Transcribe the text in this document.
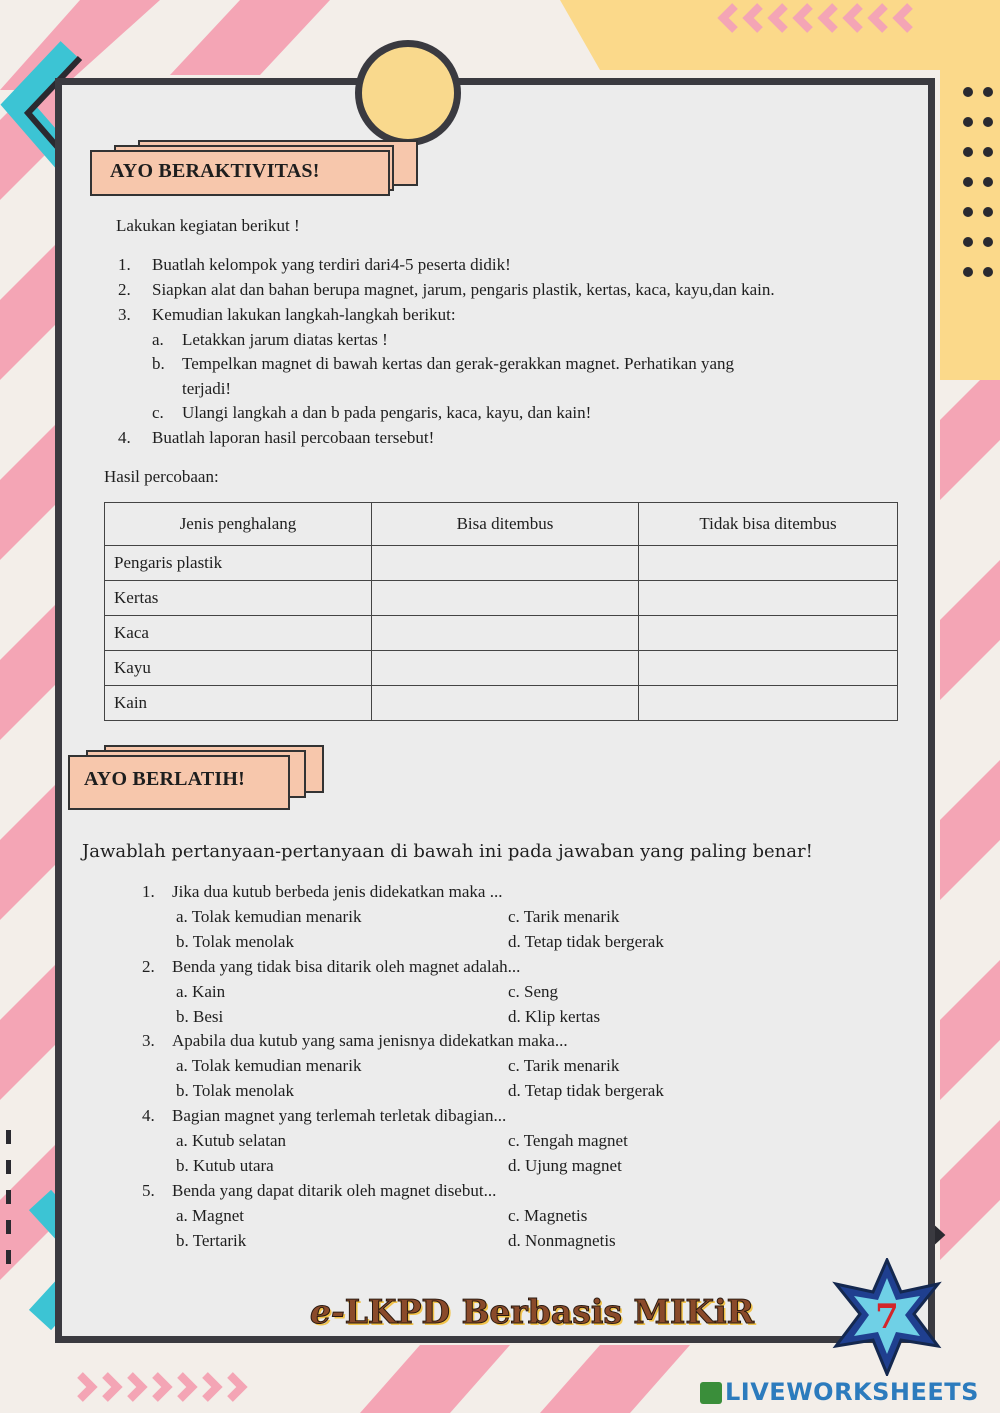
AYO BERAKTIVITAS!
Lakukan kegiatan berikut !
1. Buatlah kelompok yang terdiri dari4-5 peserta didik!
2. Siapkan alat dan bahan berupa magnet, jarum, pengaris plastik, kertas, kaca, kayu,dan kain.
3. Kemudian lakukan langkah-langkah berikut:
a. Letakkan jarum diatas kertas !
b. Tempelkan magnet di bawah kertas dan gerak-gerakkan magnet. Perhatikan yang
terjadi!
c. Ulangi langkah a dan b pada pengaris, kaca, kayu, dan kain!
4. Buatlah laporan hasil percobaan tersebut!
Hasil percobaan:
Jenis penghalang	Bisa ditembus	Tidak bisa ditembus
Pengaris plastik		
Kertas		
Kaca		
Kayu		
Kain		
AYO BERLATIH!
Jawablah pertanyaan-pertanyaan di bawah ini pada jawaban yang paling benar!
1. Jika dua kutub berbeda jenis didekatkan maka ...
a. Tolak kemudian menarik	c. Tarik menarik
b. Tolak menolak	d. Tetap tidak bergerak
2. Benda yang tidak bisa ditarik oleh magnet adalah...
a. Kain	c. Seng
b. Besi	d. Klip kertas
3. Apabila dua kutub yang sama jenisnya didekatkan maka...
a. Tolak kemudian menarik	c. Tarik menarik
b. Tolak menolak	d. Tetap tidak bergerak
4. Bagian magnet yang terlemah terletak dibagian...
a. Kutub selatan	c. Tengah magnet
b. Kutub utara	d. Ujung magnet
5. Benda yang dapat ditarik oleh magnet disebut...
a. Magnet	c. Magnetis
b. Tertarik	d. Nonmagnetis
e-LKPD Berbasis MIKiR	7
LIVEWORKSHEETS
